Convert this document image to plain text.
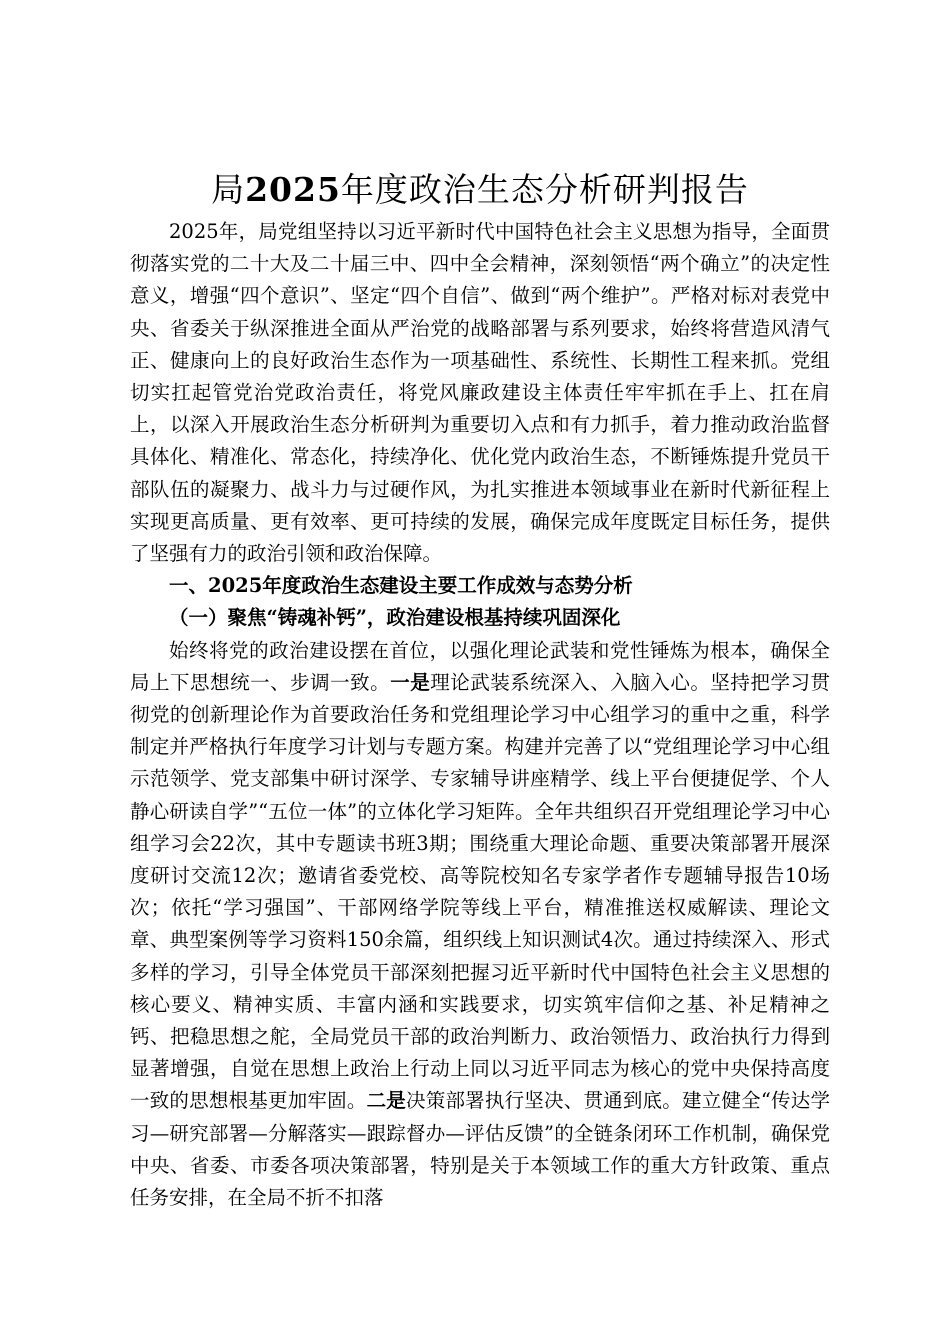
局2025年度政治生态分析研判报告

2025年，局党组坚持以习近平新时代中国特色社会主义思想为指导，全面贯彻落实党的二十大及二十届三中、四中全会精神，深刻领悟“两个确立”的决定性意义，增强“四个意识”、坚定“四个自信”、做到“两个维护”。严格对标对表党中央、省委关于纵深推进全面从严治党的战略部署与系列要求，始终将营造风清气正、健康向上的良好政治生态作为一项基础性、系统性、长期性工程来抓。党组切实扛起管党治党政治责任，将党风廉政建设主体责任牢牢抓在手上、扛在肩上，以深入开展政治生态分析研判为重要切入点和有力抓手，着力推动政治监督具体化、精准化、常态化，持续净化、优化党内政治生态，不断锤炼提升党员干部队伍的凝聚力、战斗力与过硬作风，为扎实推进本领域事业在新时代新征程上实现更高质量、更有效率、更可持续的发展，确保完成年度既定目标任务，提供了坚强有力的政治引领和政治保障。

一、2025年度政治生态建设主要工作成效与态势分析

（一）聚焦“铸魂补钙”，政治建设根基持续巩固深化

始终将党的政治建设摆在首位，以强化理论武装和党性锤炼为根本，确保全局上下思想统一、步调一致。一是理论武装系统深入、入脑入心。坚持把学习贯彻党的创新理论作为首要政治任务和党组理论学习中心组学习的重中之重，科学制定并严格执行年度学习计划与专题方案。构建并完善了以“党组理论学习中心组示范领学、党支部集中研讨深学、专家辅导讲座精学、线上平台便捷促学、个人静心研读自学”“五位一体”的立体化学习矩阵。全年共组织召开党组理论学习中心组学习会22次，其中专题读书班3期；围绕重大理论命题、重要决策部署开展深度研讨交流12次；邀请省委党校、高等院校知名专家学者作专题辅导报告10场次；依托“学习强国”、干部网络学院等线上平台，精准推送权威解读、理论文章、典型案例等学习资料150余篇，组织线上知识测试4次。通过持续深入、形式多样的学习，引导全体党员干部深刻把握习近平新时代中国特色社会主义思想的核心要义、精神实质、丰富内涵和实践要求，切实筑牢信仰之基、补足精神之钙、把稳思想之舵，全局党员干部的政治判断力、政治领悟力、政治执行力得到显著增强，自觉在思想上政治上行动上同以习近平同志为核心的党中央保持高度一致的思想根基更加牢固。二是决策部署执行坚决、贯通到底。建立健全“传达学习—研究部署—分解落实—跟踪督办—评估反馈”的全链条闭环工作机制，确保党中央、省委、市委各项决策部署，特别是关于本领域工作的重大方针政策、重点任务安排，在全局不折不扣落
